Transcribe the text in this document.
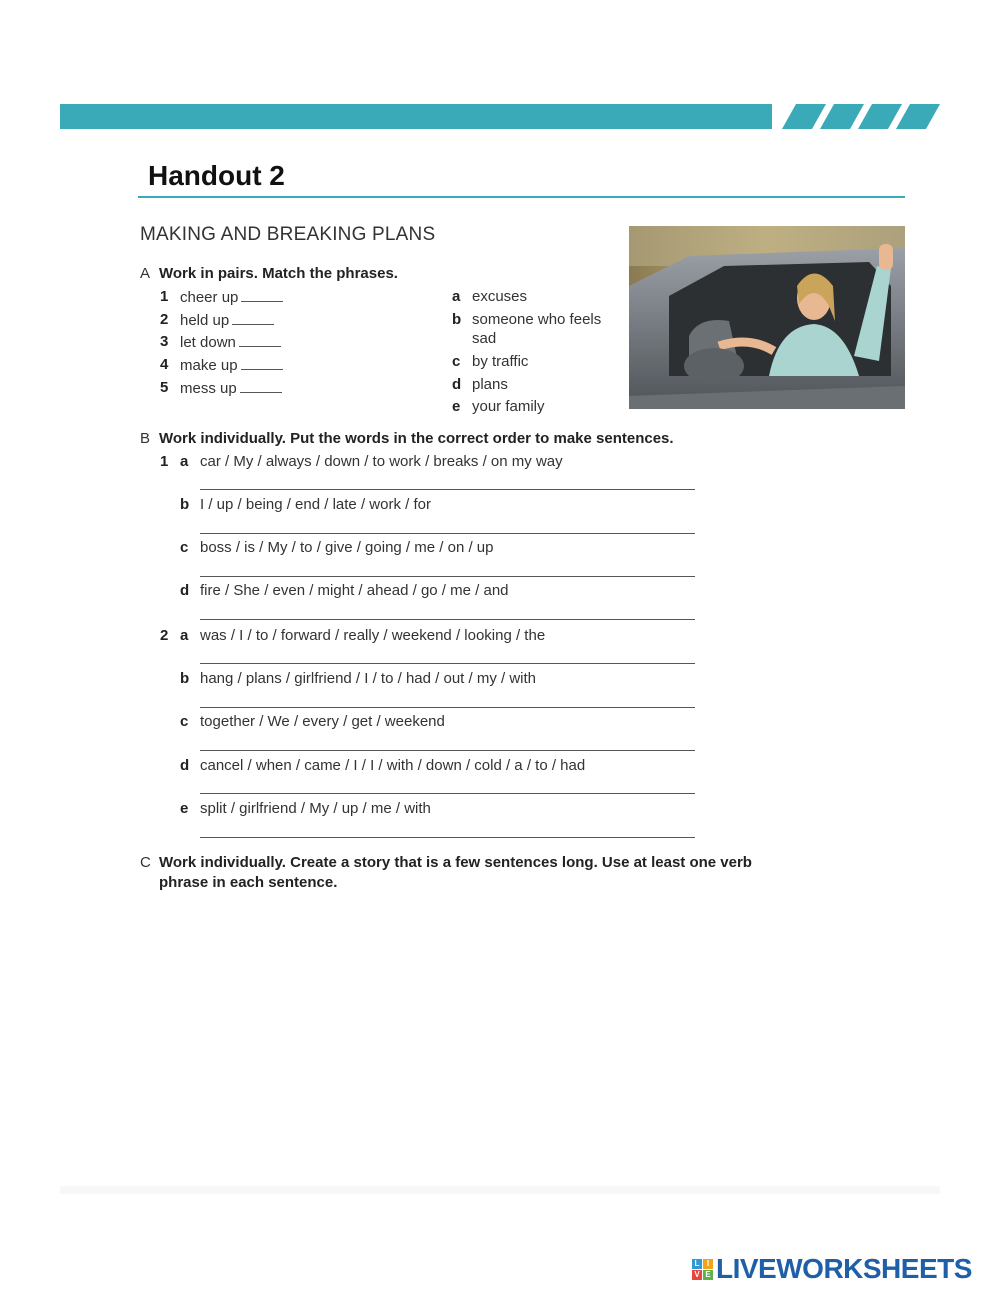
Handout 2
MAKING AND BREAKING PLANS
A Work in pairs. Match the phrases.
1 cheer up
2 held up
3 let down
4 make up
5 mess up
a excuses
b someone who feels
sad
c by traffic
d plans
e your family
B Work individually. Put the words in the correct order to make sentences.
1 a car / My / always / down / to work / breaks / on my way
b I / up / being / end / late / work / for
c boss / is / My / to / give / going / me / on / up
d fire / She / even / might / ahead / go / me / and
2 a was / I / to / forward / really / weekend / looking / the
b hang / plans / girlfriend / I / to / had / out / my / with
c together / We / every / get / weekend
d cancel / when / came / I / I / with / down / cold / a / to / had
e split / girlfriend / My / up / me / with
C Work individually. Create a story that is a few sentences long. Use at least one verb
phrase in each sentence.
L I
V E LIVEWORKSHEETS
